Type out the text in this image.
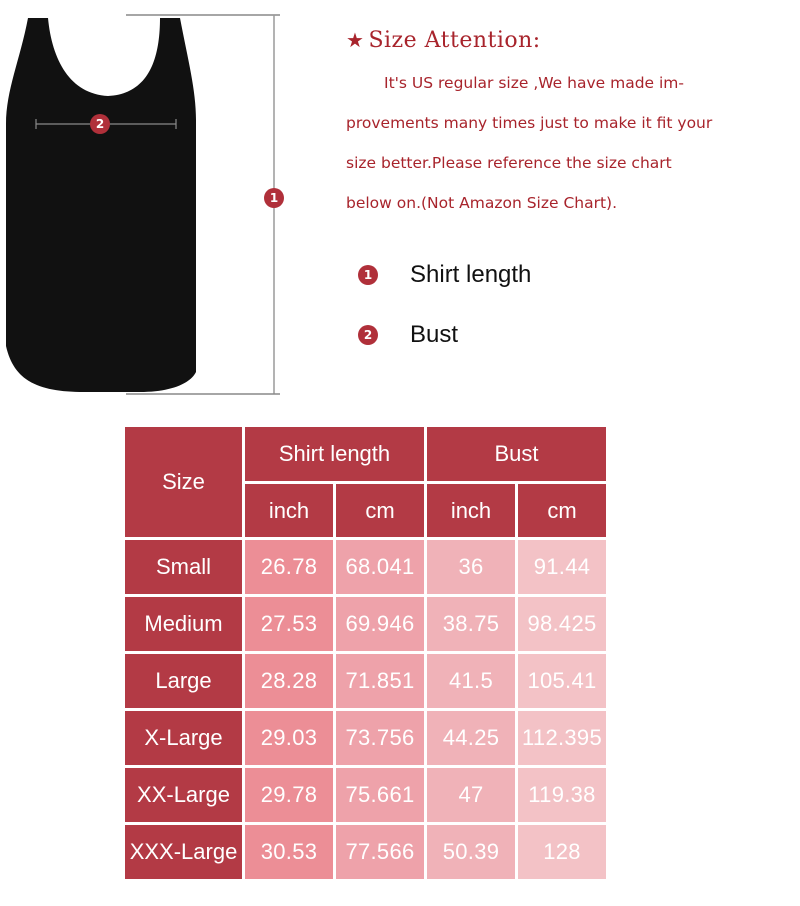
2
1
★ Size Attention:
It's US regular size ,We have made im-
provements many times just to make it fit your
size better.Please reference the size chart
below on.(Not Amazon Size Chart).
1 Shirt length
2 Bust
Size	Shirt length		Bust	
	inch	cm	inch	cm
Small	26.78	68.041	36	91.44
Medium	27.53	69.946	38.75	98.425
Large	28.28	71.851	41.5	105.41
X-Large	29.03	73.756	44.25	112.395
XX-Large	29.78	75.661	47	119.38
XXX-Large	30.53	77.566	50.39	128
